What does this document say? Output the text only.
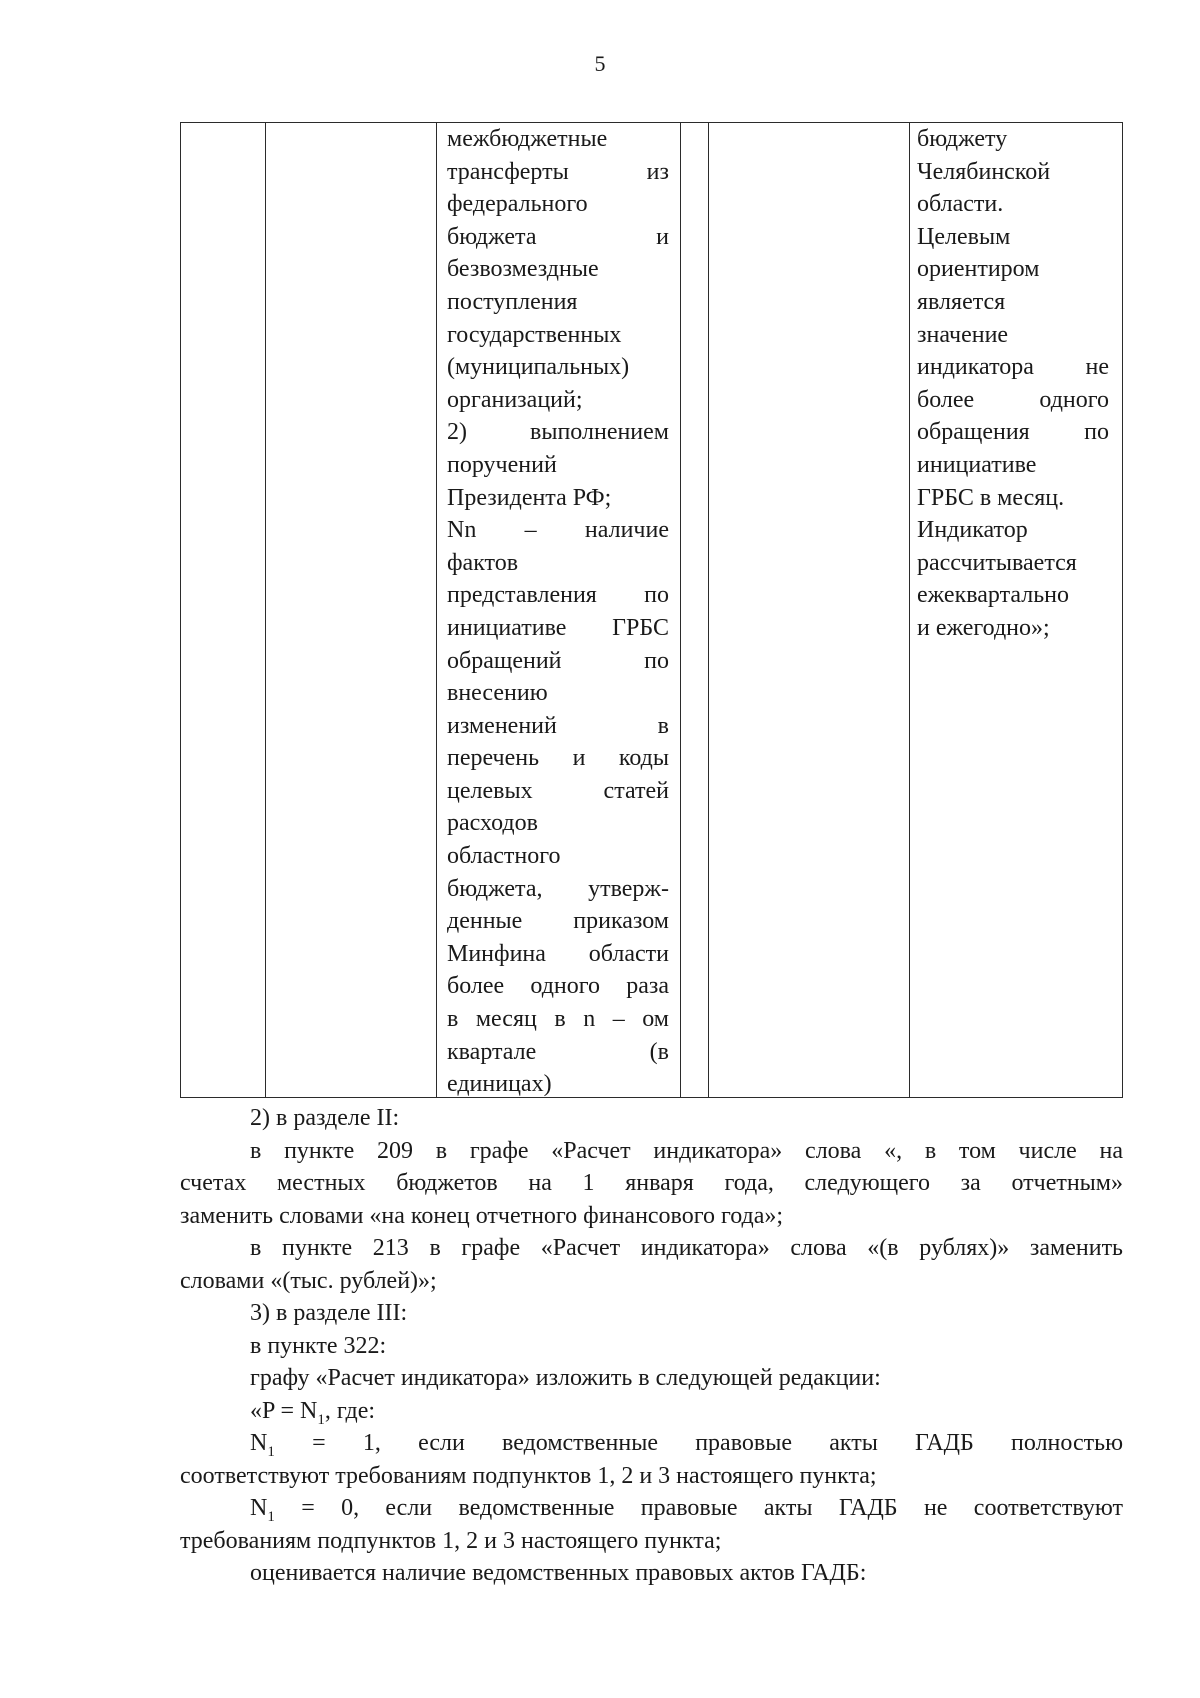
5
межбюджетные
трансферты из
федерального
бюджета и
безвозмездные
поступления
государственных
(муниципальных)
организаций;
2) выполнением
поручений
Президента РФ;
Nn – наличие
фактов
представления по
инициативе ГРБС
обращений по
внесению
изменений в
перечень и коды
целевых статей
расходов
областного
бюджета, утверж-
денные приказом
Минфина области
более одного раза
в месяц в n – ом
квартале (в
единицах)
бюджету
Челябинской
области.
Целевым
ориентиром
является
значение
индикатора не
более одного
обращения по
инициативе
ГРБС в месяц.
Индикатор
рассчитывается
ежеквартально
и ежегодно»;
2) в разделе II:
в пункте 209 в графе «Расчет индикатора» слова «, в том числе на
счетах местных бюджетов на 1 января года, следующего за отчетным»
заменить словами «на конец отчетного финансового года»;
в пункте 213 в графе «Расчет индикатора» слова «(в рублях)» заменить
словами «(тыс. рублей)»;
3) в разделе III:
в пункте 322:
графу «Расчет индикатора» изложить в следующей редакции:
«$P = N_1$, где:
$N_1 = 1$, если ведомственные правовые акты ГАДБ полностью
соответствуют требованиям подпунктов 1, 2 и 3 настоящего пункта;
$N_1 = 0$, если ведомственные правовые акты ГАДБ не соответствуют
требованиям подпунктов 1, 2 и 3 настоящего пункта;
оценивается наличие ведомственных правовых актов ГАДБ:
